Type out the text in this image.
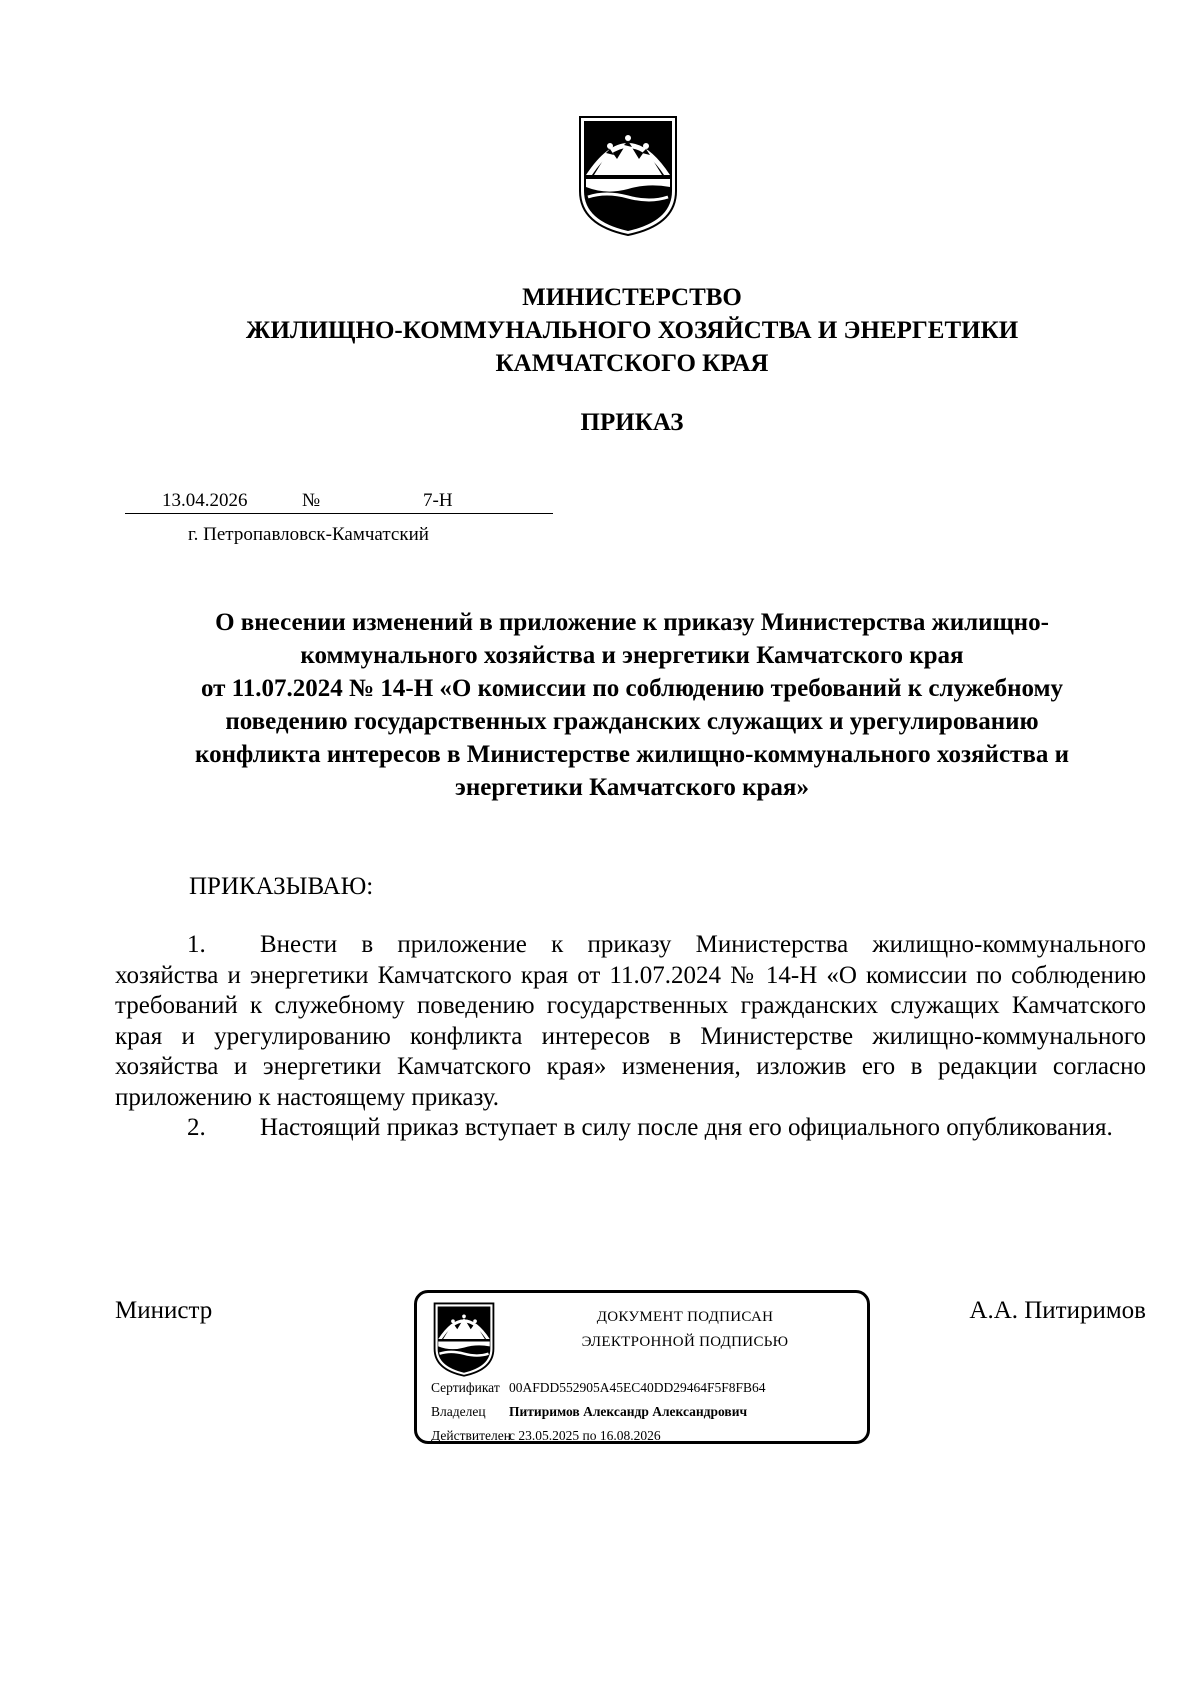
МИНИСТЕРСТВО
ЖИЛИЩНО-КОММУНАЛЬНОГО ХОЗЯЙСТВА И ЭНЕРГЕТИКИ
КАМЧАТСКОГО КРАЯ
ПРИКАЗ
13.04.2026	№	7-Н
г. Петропавловск-Камчатский
О внесении изменений в приложение к приказу Министерства жилищно-
коммунального хозяйства и энергетики Камчатского края
от 11.07.2024 № 14-Н «О комиссии по соблюдению требований к служебному
поведению государственных гражданских служащих и урегулированию
конфликта интересов в Министерстве жилищно-коммунального хозяйства и
энергетики Камчатского края»
ПРИКАЗЫВАЮ:
1. Внести в приложение к приказу Министерства жилищно-коммунального хозяйства и энергетики Камчатского края от 11.07.2024 № 14-Н «О комиссии по соблюдению требований к служебному поведению государственных гражданских служащих Камчатского края и урегулированию конфликта интересов в Министерстве жилищно-коммунального хозяйства и энергетики Камчатского края» изменения, изложив его в редакции согласно приложению к настоящему приказу.
2. Настоящий приказ вступает в силу после дня его официального опубликования.
Министр	А.А. Питиримов
ДОКУМЕНТ ПОДПИСАН
ЭЛЕКТРОННОЙ ПОДПИСЬЮ
Сертификат 00AFDD552905A45EC40DD29464F5F8FB64
Владелец Питиримов Александр Александрович
Действителенс 23.05.2025 по 16.08.2026
